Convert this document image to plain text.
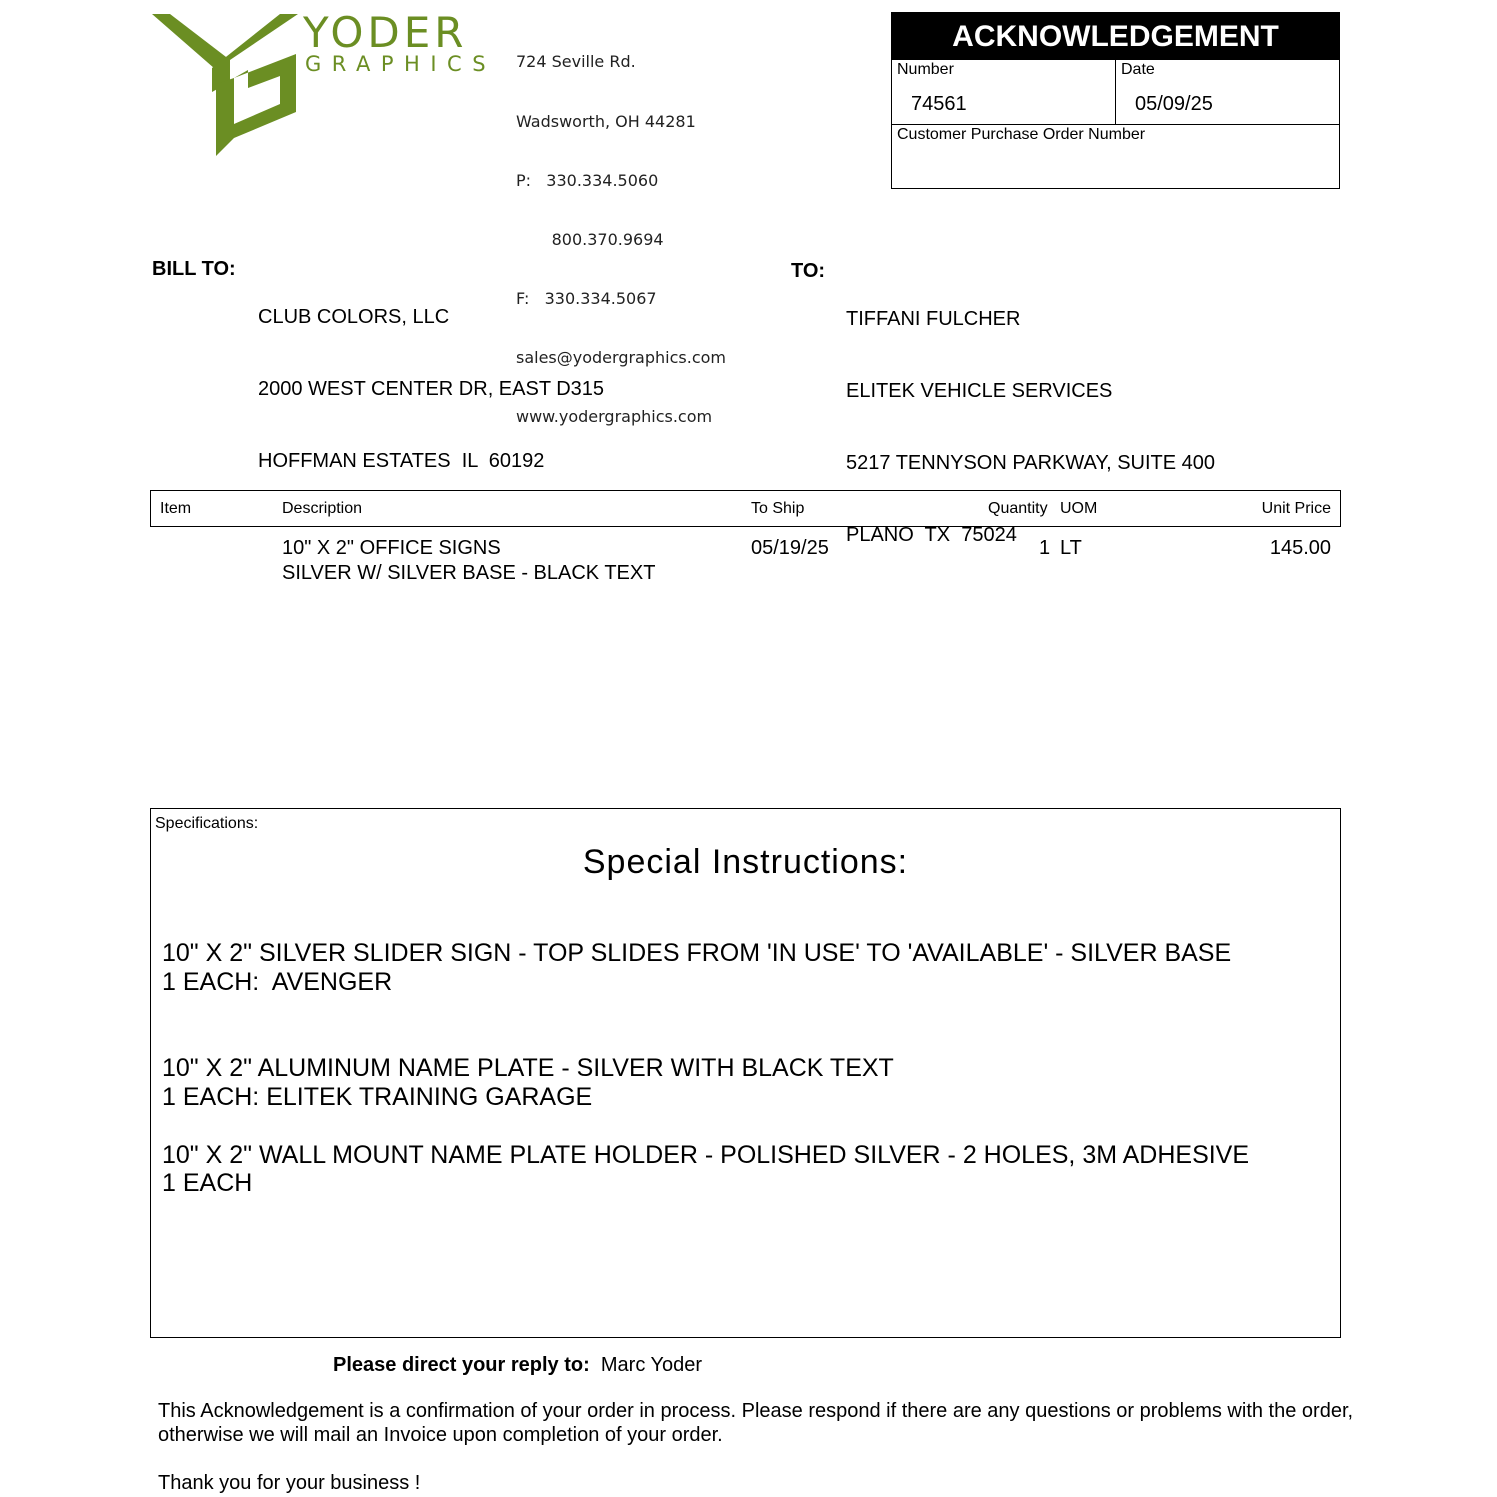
YODER
GRAPHICS

724 Seville Rd.

Wadsworth, OH 44281

P:   330.334.5060

800.370.9694

F:   330.334.5067

sales@yodergraphics.com

www.yodergraphics.com

ACKNOWLEDGEMENT
Number
74561
Date
05/09/25
Customer Purchase Order Number
BILL TO:

CLUB COLORS, LLC

2000 WEST CENTER DR, EAST D315

HOFFMAN ESTATES  IL  60192

TO:

TIFFANI FULCHER

ELITEK VEHICLE SERVICES

5217 TENNYSON PARKWAY, SUITE 400

PLANO  TX  75024

Item	Description	To Ship	Quantity UOM	Unit Price
10" X 2" OFFICE SIGNS
SILVER W/ SILVER BASE - BLACK TEXT
05/19/25	1 LT	145.00
Specifications:
Special Instructions:
10" X 2" SILVER SLIDER SIGN - TOP SLIDES FROM 'IN USE' TO 'AVAILABLE' - SILVER BASE
1 EACH:  AVENGER
10" X 2" ALUMINUM NAME PLATE - SILVER WITH BLACK TEXT
1 EACH: ELITEK TRAINING GARAGE
10" X 2" WALL MOUNT NAME PLATE HOLDER - POLISHED SILVER - 2 HOLES, 3M ADHESIVE
1 EACH
Please direct your reply to: Marc Yoder
This Acknowledgement is a confirmation of your order in process. Please respond if there are any questions or problems with the order, otherwise we will mail an Invoice upon completion of your order.
Thank you for your business !
